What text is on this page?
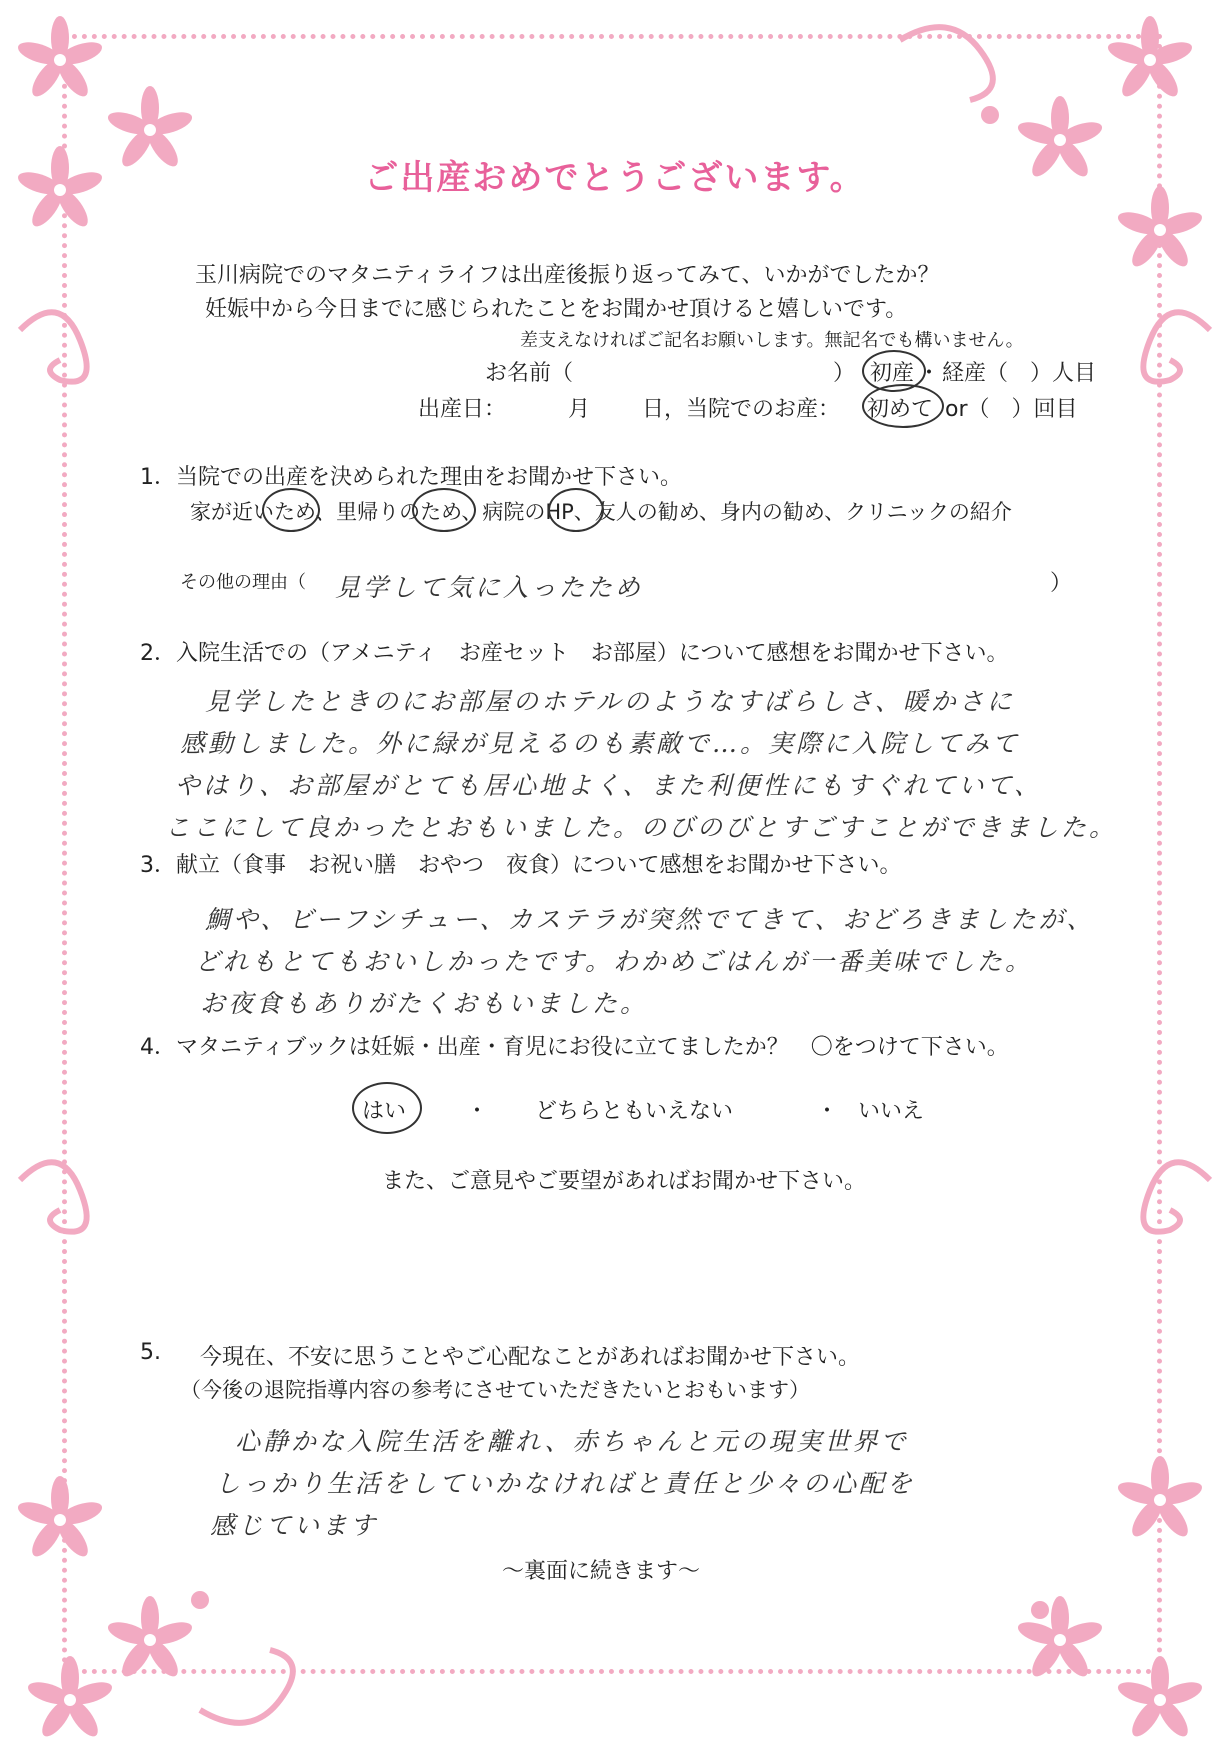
ご出産おめでとうございます。
玉川病院でのマタニティライフは出産後振り返ってみて、いかがでしたか？
妊娠中から今日までに感じられたことをお聞かせ頂けると嬉しいです。
差支えなければご記名お願いします。無記名でも構いません。
お名前（	） 初産 ・ 経産（　）人目
出産日：	月 日，当院でのお産： 初めて or（　）回目
1．当院での出産を決められた理由をお聞かせ下さい。
家が近いため、里帰りのため、病院のHP、友人の勧め、身内の勧め、クリニックの紹介
その他の理由（ 見学して気に入ったため	）
2．入院生活での（アメニティ　お産セット　お部屋）について感想をお聞かせ下さい。
見学したときのにお部屋のホテルのようなすばらしさ、暖かさに
感動しました。外に緑が見えるのも素敵で…。実際に入院してみて
やはり、お部屋がとても居心地よく、また利便性にもすぐれていて、
ここにして良かったとおもいました。のびのびとすごすことができました。
3．献立（食事　お祝い膳　おやつ　夜食）について感想をお聞かせ下さい。
鯛や、ビーフシチュー、カステラが突然でてきて、おどろきましたが、
どれもとてもおいしかったです。わかめごはんが一番美味でした。
お夜食もありがたくおもいました。
4．マタニティブックは妊娠・出産・育児にお役に立てましたか？　〇をつけて下さい。
はい	・ どちらともいえない	・ いいえ
また、ご意見やご要望があればお聞かせ下さい。
5. 今現在、不安に思うことやご心配なことがあればお聞かせ下さい。
（今後の退院指導内容の参考にさせていただきたいとおもいます）
心静かな入院生活を離れ、赤ちゃんと元の現実世界で
しっかり生活をしていかなければと責任と少々の心配を
感じています
～裏面に続きます～
